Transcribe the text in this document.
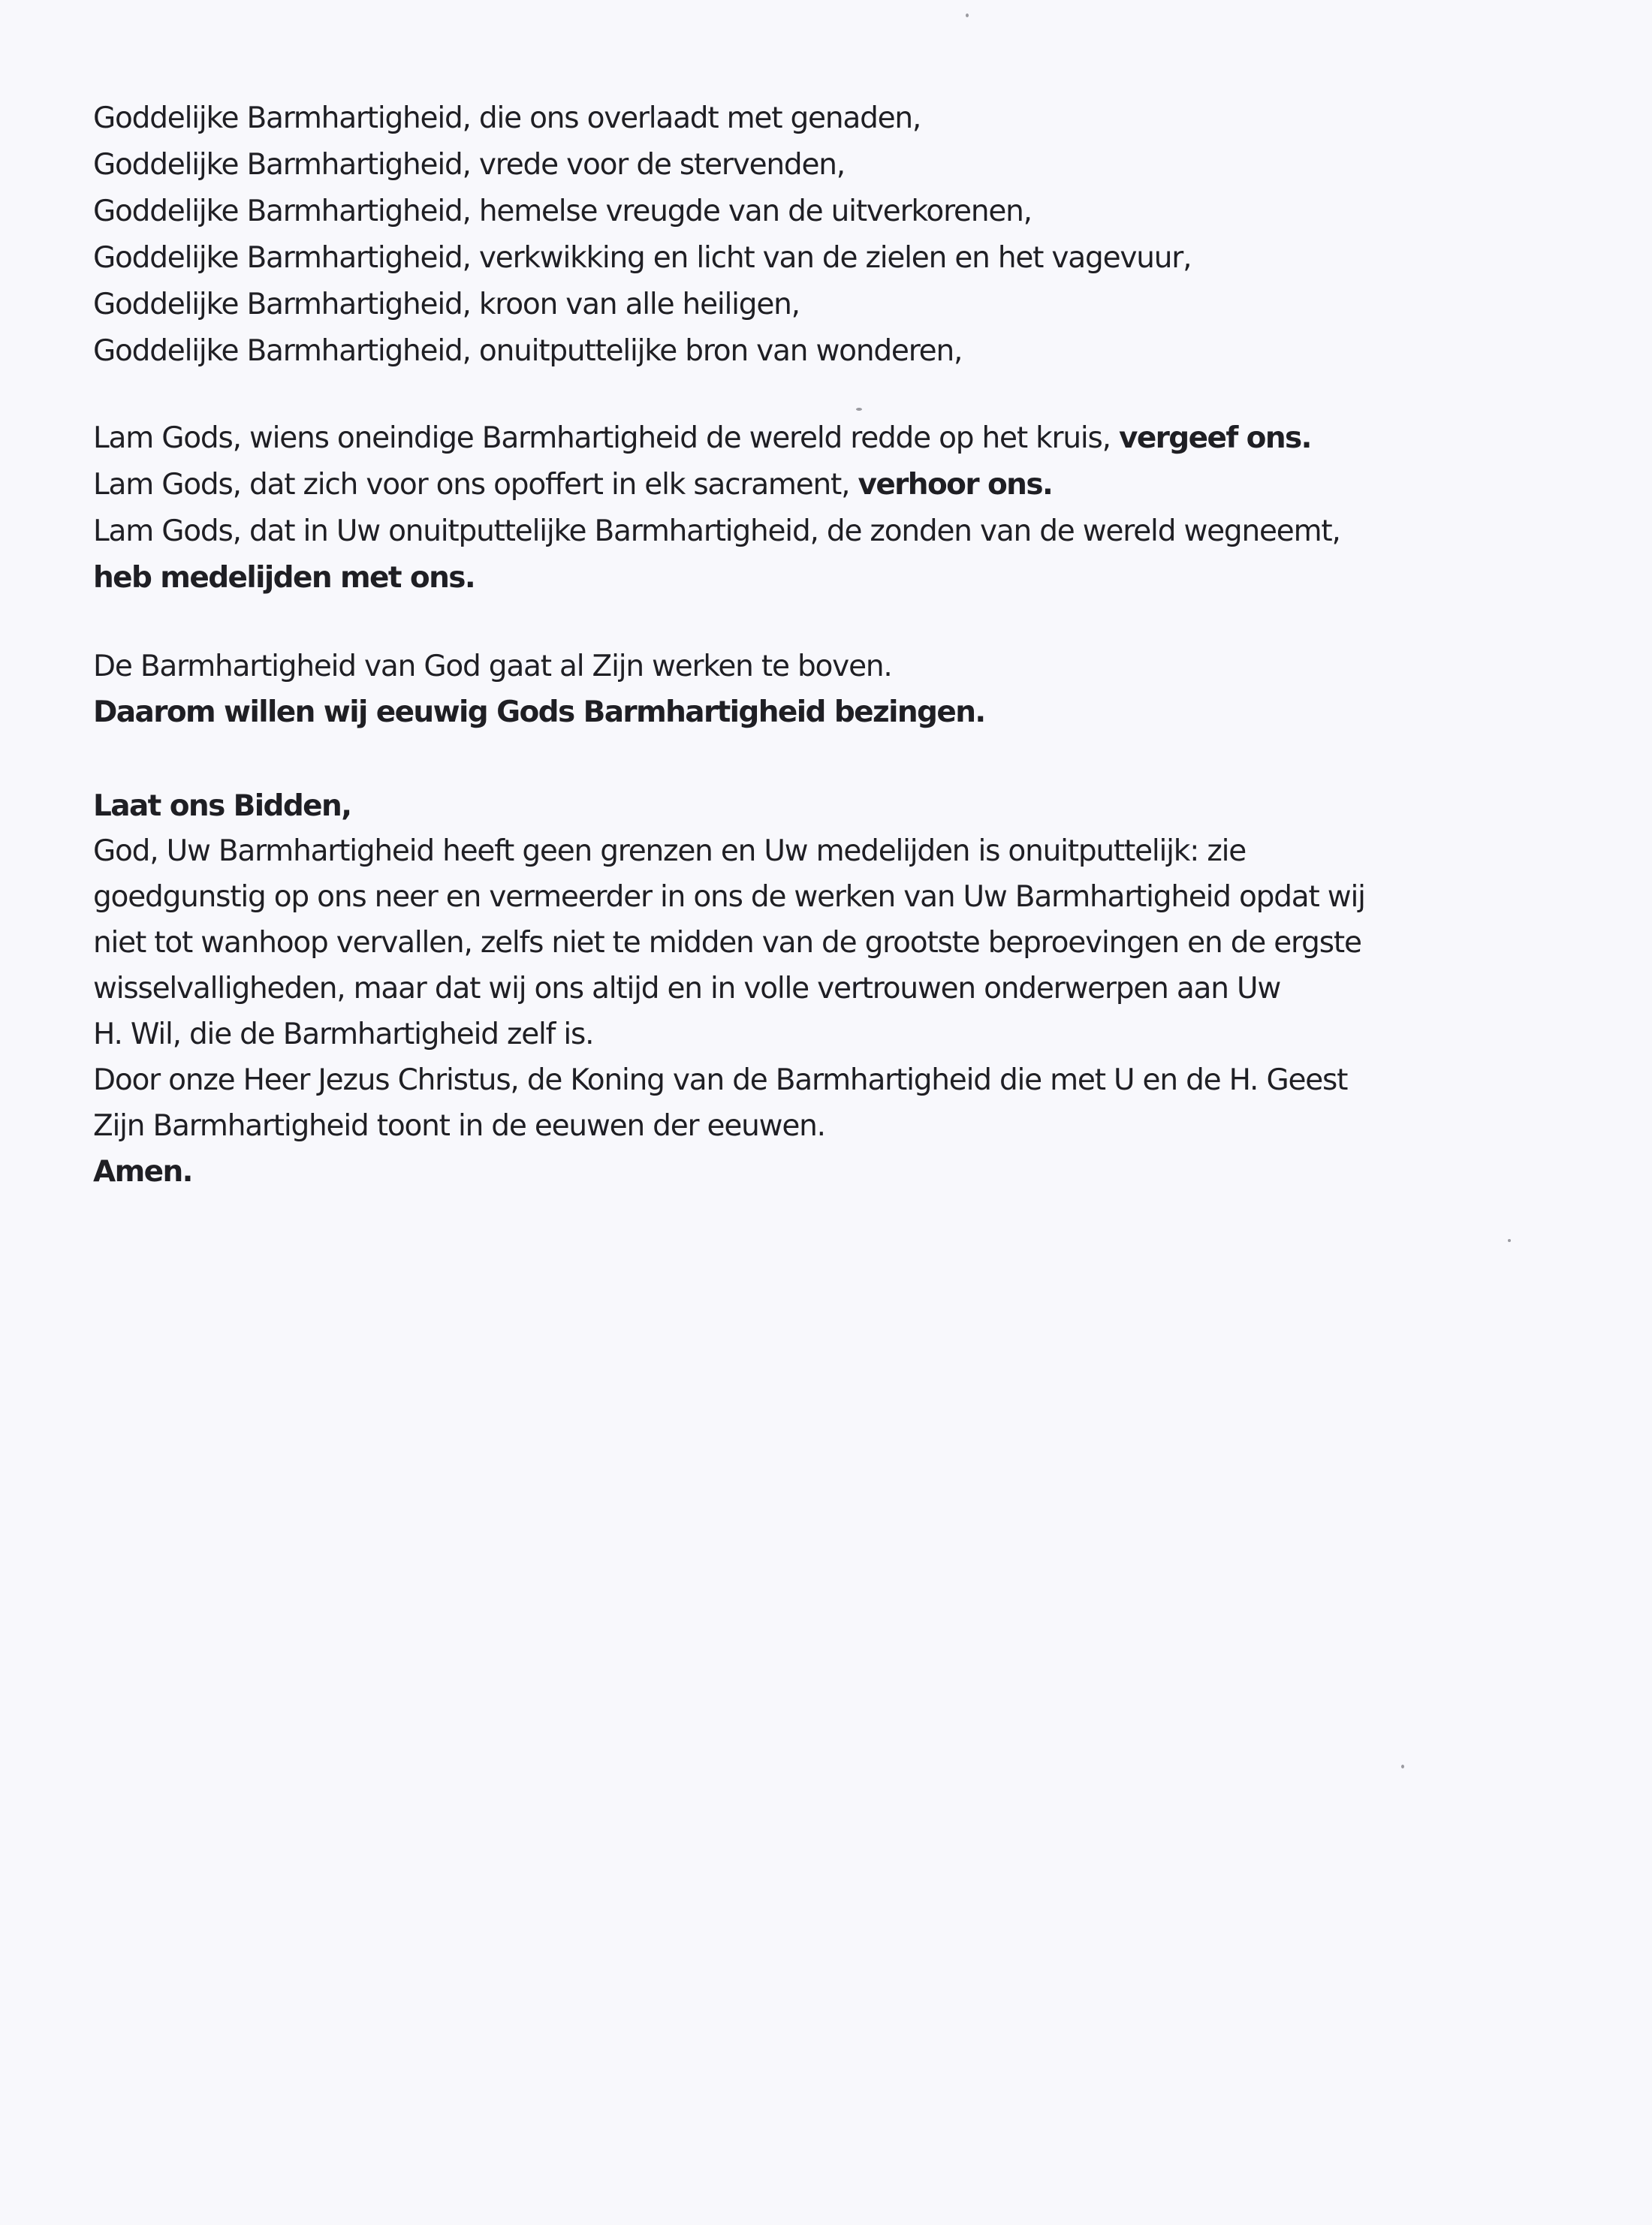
Goddelijke Barmhartigheid, die ons overlaadt met genaden,
Goddelijke Barmhartigheid, vrede voor de stervenden,
Goddelijke Barmhartigheid, hemelse vreugde van de uitverkorenen,
Goddelijke Barmhartigheid, verkwikking en licht van de zielen en het vagevuur,
Goddelijke Barmhartigheid, kroon van alle heiligen,
Goddelijke Barmhartigheid, onuitputtelijke bron van wonderen,
Lam Gods, wiens oneindige Barmhartigheid de wereld redde op het kruis, vergeef ons.
Lam Gods, dat zich voor ons opoffert in elk sacrament, verhoor ons.
Lam Gods, dat in Uw onuitputtelijke Barmhartigheid, de zonden van de wereld wegneemt,
heb medelijden met ons.
De Barmhartigheid van God gaat al Zijn werken te boven.
Daarom willen wij eeuwig Gods Barmhartigheid bezingen.
Laat ons Bidden,
God, Uw Barmhartigheid heeft geen grenzen en Uw medelijden is onuitputtelijk: zie
goedgunstig op ons neer en vermeerder in ons de werken van Uw Barmhartigheid opdat wij
niet tot wanhoop vervallen, zelfs niet te midden van de grootste beproevingen en de ergste
wisselvalligheden, maar dat wij ons altijd en in volle vertrouwen onderwerpen aan Uw
H. Wil, die de Barmhartigheid zelf is.
Door onze Heer Jezus Christus, de Koning van de Barmhartigheid die met U en de H. Geest
Zijn Barmhartigheid toont in de eeuwen der eeuwen.
Amen.
